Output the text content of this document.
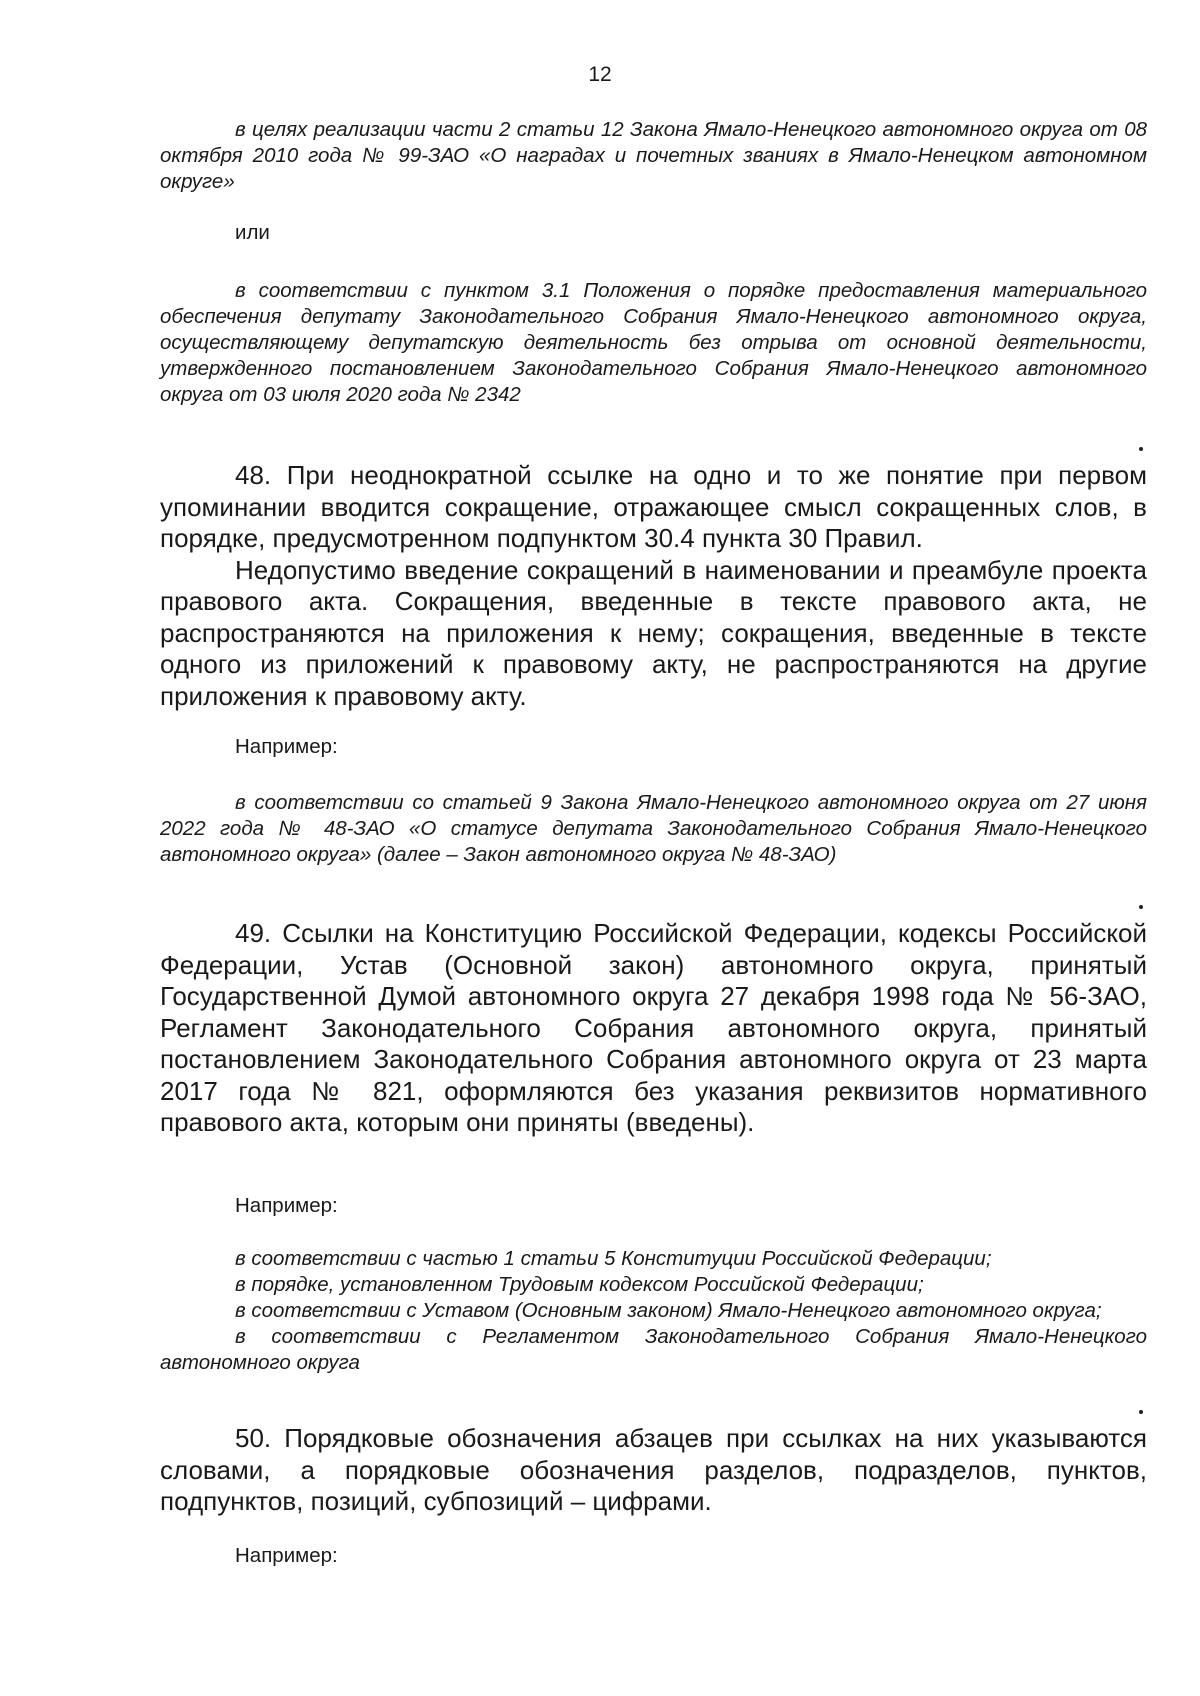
12

в целях реализации части 2 статьи 12 Закона Ямало-Ненецкого автономного округа от 08 октября 2010 года № 99-ЗАО «О наградах и почетных званиях в Ямало-Ненецком автономном округе»

или

в соответствии с пунктом 3.1 Положения о порядке предоставления материального обеспечения депутату Законодательного Собрания Ямало-Ненецкого автономного округа, осуществляющему депутатскую деятельность без отрыва от основной деятельности, утвержденного постановлением Законодательного Собрания Ямало-Ненецкого автономного округа от 03 июля 2020 года № 2342

48. При неоднократной ссылке на одно и то же понятие при первом упоминании вводится сокращение, отражающее смысл сокращенных слов, в порядке, предусмотренном подпунктом 30.4 пункта 30 Правил.

Недопустимо введение сокращений в наименовании и преамбуле проекта правового акта. Сокращения, введенные в тексте правового акта, не распространяются на приложения к нему; сокращения, введенные в тексте одного из приложений к правовому акту, не распространяются на другие приложения к правовому акту.

Например:

в соответствии со статьей 9 Закона Ямало-Ненецкого автономного округа от 27 июня 2022 года № 48-ЗАО «О статусе депутата Законодательного Собрания Ямало-Ненецкого автономного округа» (далее – Закон автономного округа № 48-ЗАО)

49. Ссылки на Конституцию Российской Федерации, кодексы Российской Федерации, Устав (Основной закон) автономного округа, принятый Государственной Думой автономного округа 27 декабря 1998 года № 56-ЗАО, Регламент Законодательного Собрания автономного округа, принятый постановлением Законодательного Собрания автономного округа от 23 марта 2017 года № 821, оформляются без указания реквизитов нормативного правового акта, которым они приняты (введены).

Например:

в соответствии с частью 1 статьи 5 Конституции Российской Федерации;

в порядке, установленном Трудовым кодексом Российской Федерации;

в соответствии с Уставом (Основным законом) Ямало-Ненецкого автономного округа;

в соответствии с Регламентом Законодательного Собрания Ямало-Ненецкого автономного округа

50. Порядковые обозначения абзацев при ссылках на них указываются словами, а порядковые обозначения разделов, подразделов, пунктов, подпунктов, позиций, субпозиций – цифрами.

Например:
